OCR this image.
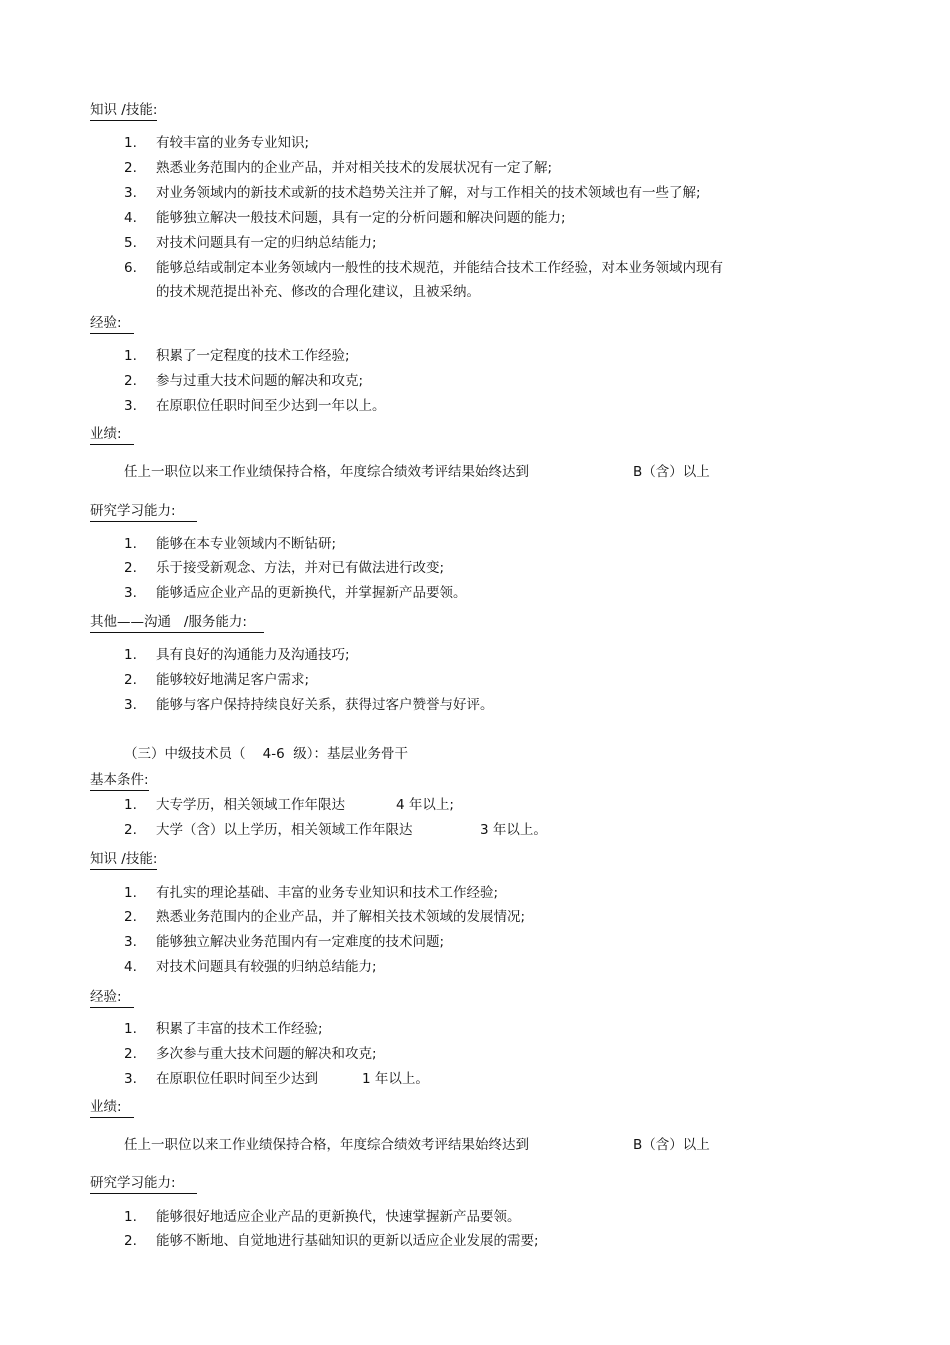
知识 /技能:
1. 有较丰富的业务专业知识;
2. 熟悉业务范围内的企业产品，并对相关技术的发展状况有一定了解;
3. 对业务领域内的新技术或新的技术趋势关注并了解，对与工作相关的技术领域也有一些了解;
4. 能够独立解决一般技术问题，具有一定的分析问题和解决问题的能力;
5. 对技术问题具有一定的归纳总结能力;
6. 能够总结或制定本业务领域内一般性的技术规范，并能结合技术工作经验，对本业务领域内现有
的技术规范提出补充、修改的合理化建议，且被采纳。
经验:
1. 积累了一定程度的技术工作经验;
2. 参与过重大技术问题的解决和攻克;
3. 在原职位任职时间至少达到一年以上。
业绩:
任上一职位以来工作业绩保持合格，年度综合绩效考评结果始终达到	B（含）以上
研究学习能力:
1. 能够在本专业领域内不断钻研;
2. 乐于接受新观念、方法，并对已有做法进行改变;
3. 能够适应企业产品的更新换代，并掌握新产品要领。
其他——沟通   /服务能力:
1. 具有良好的沟通能力及沟通技巧;
2. 能够较好地满足客户需求;
3. 能够与客户保持持续良好关系，获得过客户赞誉与好评。
（三）中级技术员（    4-6  级）：基层业务骨干
基本条件:
1. 大专学历，相关领域工作年限达	4 年以上;
2. 大学（含）以上学历，相关领域工作年限达	3 年以上。
知识 /技能:
1. 有扎实的理论基础、丰富的业务专业知识和技术工作经验;
2. 熟悉业务范围内的企业产品，并了解相关技术领域的发展情况;
3. 能够独立解决业务范围内有一定难度的技术问题;
4. 对技术问题具有较强的归纳总结能力;
经验:
1. 积累了丰富的技术工作经验;
2. 多次参与重大技术问题的解决和攻克;
3. 在原职位任职时间至少达到	1 年以上。
业绩:
任上一职位以来工作业绩保持合格，年度综合绩效考评结果始终达到	B（含）以上
研究学习能力:
1. 能够很好地适应企业产品的更新换代，快速掌握新产品要领。
2. 能够不断地、自觉地进行基础知识的更新以适应企业发展的需要;
